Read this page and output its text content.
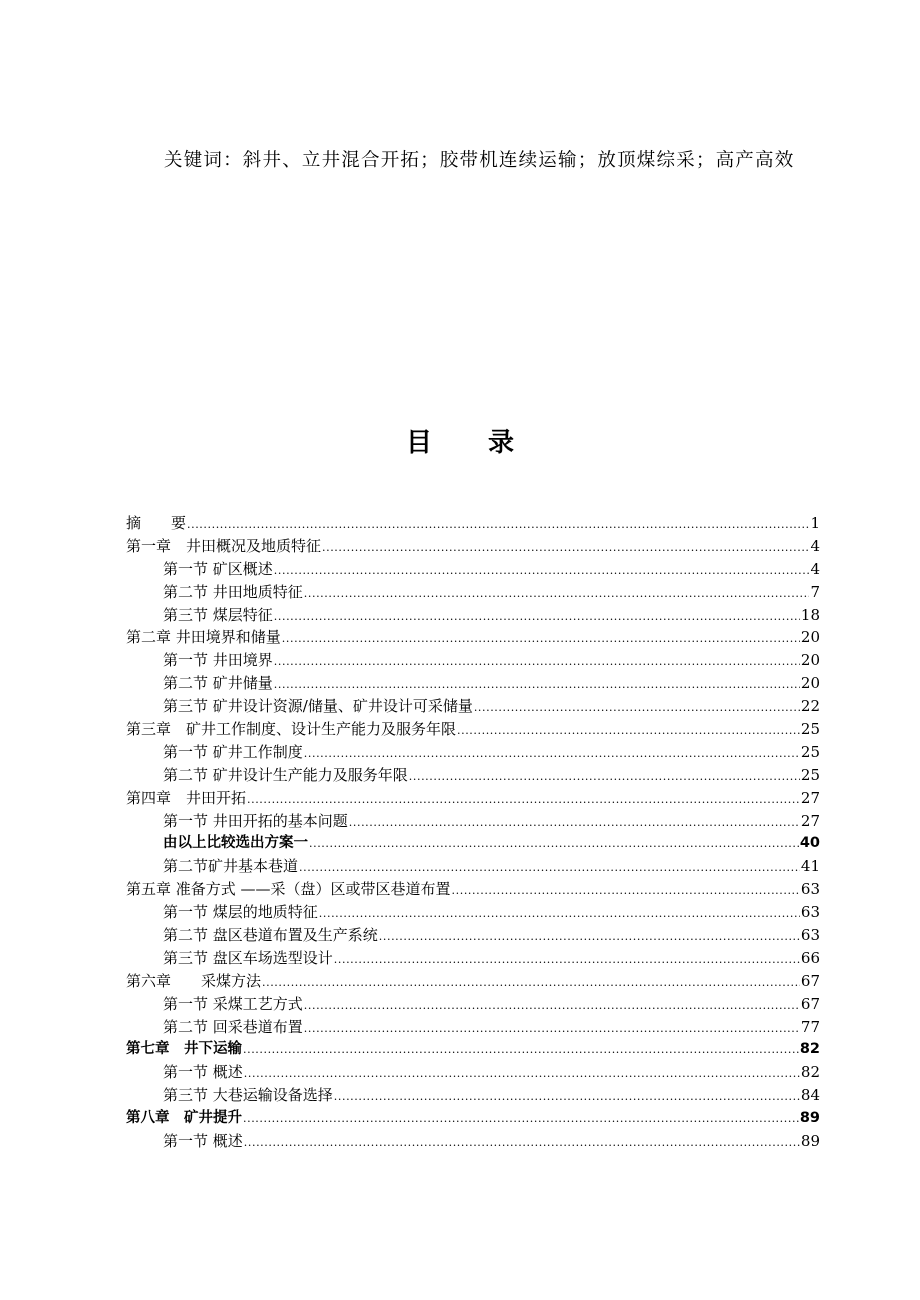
关键词：斜井、立井混合开拓；胶带机连续运输；放顶煤综采；高产高效

目 录
摘　　要 .....	1
第一章　井田概况及地质特征 .....	4
第一节 矿区概述 .....	4
第二节 井田地质特征 .....	7
第三节 煤层特征 .....	18
第二章 井田境界和储量 .....	20
第一节 井田境界 .....	20
第二节 矿井储量 .....	20
第三节 矿井设计资源/储量、矿井设计可采储量 .....	22
第三章　矿井工作制度、设计生产能力及服务年限 .....	25
第一节 矿井工作制度 .....	25
第二节 矿井设计生产能力及服务年限 .....	25
第四章　井田开拓 .....	27
第一节 井田开拓的基本问题 .....	27
由以上比较选出方案一 .....	40
第二节矿井基本巷道 .....	41
第五章 准备方式 ——采（盘）区或带区巷道布置 .....	63
第一节 煤层的地质特征 .....	63
第二节 盘区巷道布置及生产系统 .....	63
第三节 盘区车场选型设计 .....	66
第六章　　采煤方法 .....	67
第一节 采煤工艺方式 .....	67
第二节 回采巷道布置 .....	77
第七章　井下运输 .....	82
第一节 概述 .....	82
第三节 大巷运输设备选择 .....	84
第八章　矿井提升 .....	89
第一节 概述 .....	89
